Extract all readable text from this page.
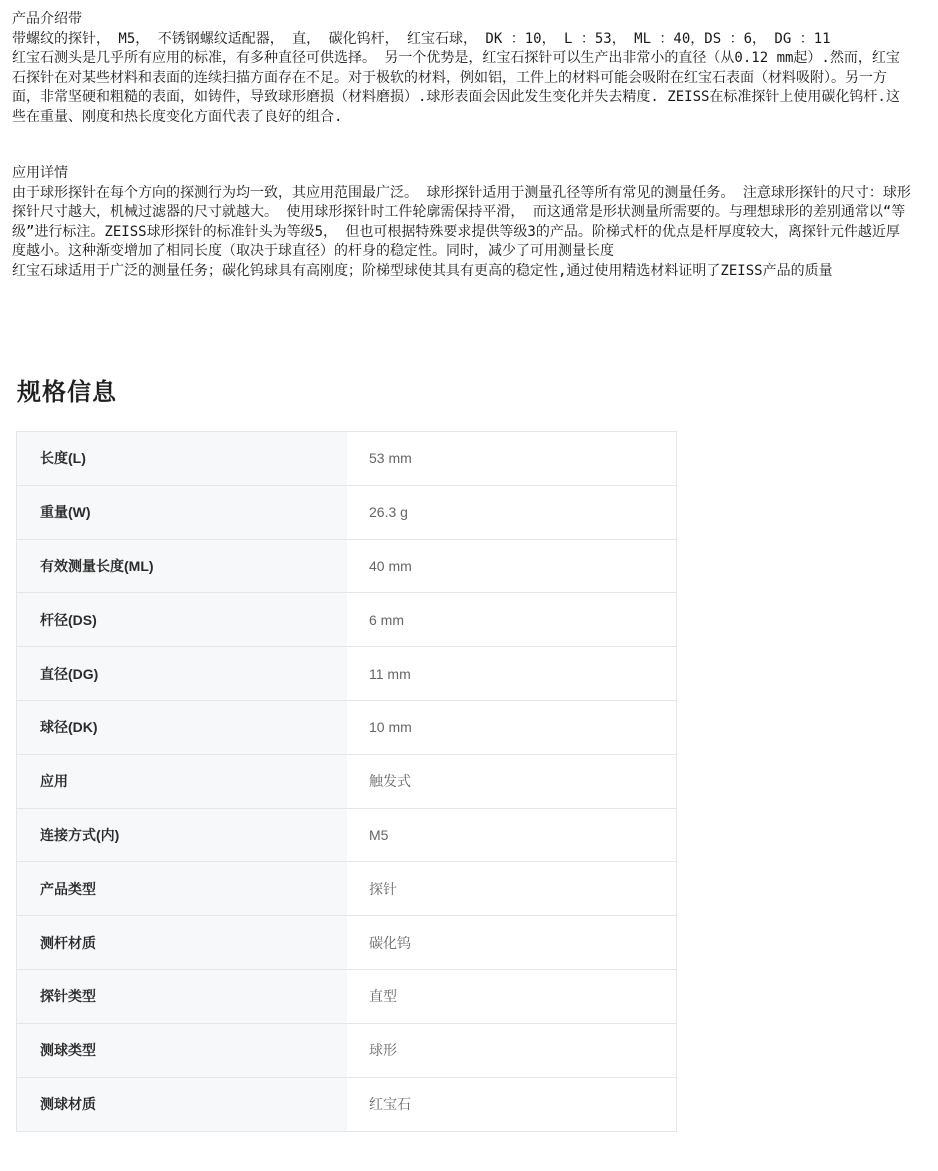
产品介绍带

带螺纹的探针， M5， 不锈钢螺纹适配器， 直， 碳化钨杆， 红宝石球， DK ：10， L ：53， ML ：40，DS ：6， DG ：11

红宝石测头是几乎所有应用的标准，有多种直径可供选择。 另一个优势是，红宝石探针可以生产出非常小的直径（从0.12 mm起）.然而，红宝石探针在对某些材料和表面的连续扫描方面存在不足。对于极软的材料，例如铝，工件上的材料可能会吸附在红宝石表面（材料吸附）。另一方面，非常坚硬和粗糙的表面，如铸件，导致球形磨损（材料磨损）.球形表面会因此发生变化并失去精度. ZEISS在标准探针上使用碳化钨杆.这些在重量、刚度和热长度变化方面代表了良好的组合.

应用详情

由于球形探针在每个方向的探测行为均一致，其应用范围最广泛。 球形探针适用于测量孔径等所有常见的测量任务。 注意球形探针的尺寸：球形探针尺寸越大，机械过滤器的尺寸就越大。 使用球形探针时工件轮廓需保持平滑， 而这通常是形状测量所需要的。与理想球形的差别通常以“等级”进行标注。ZEISS球形探针的标准针头为等级5， 但也可根据特殊要求提供等级3的产品。阶梯式杆的优点是杆厚度较大，离探针元件越近厚度越小。这种渐变增加了相同长度（取决于球直径）的杆身的稳定性。同时，减少了可用测量长度

红宝石球适用于广泛的测量任务；碳化钨球具有高刚度；阶梯型球使其具有更高的稳定性,通过使用精选材料证明了ZEISS产品的质量

规格信息
长度(L)	53 mm
重量(W)	26.3 g
有效测量长度(ML)	40 mm
杆径(DS)	6 mm
直径(DG)	11 mm
球径(DK)	10 mm
应用	触发式
连接方式(内)	M5
产品类型	探针
测杆材质	碳化钨
探针类型	直型
测球类型	球形
测球材质	红宝石
